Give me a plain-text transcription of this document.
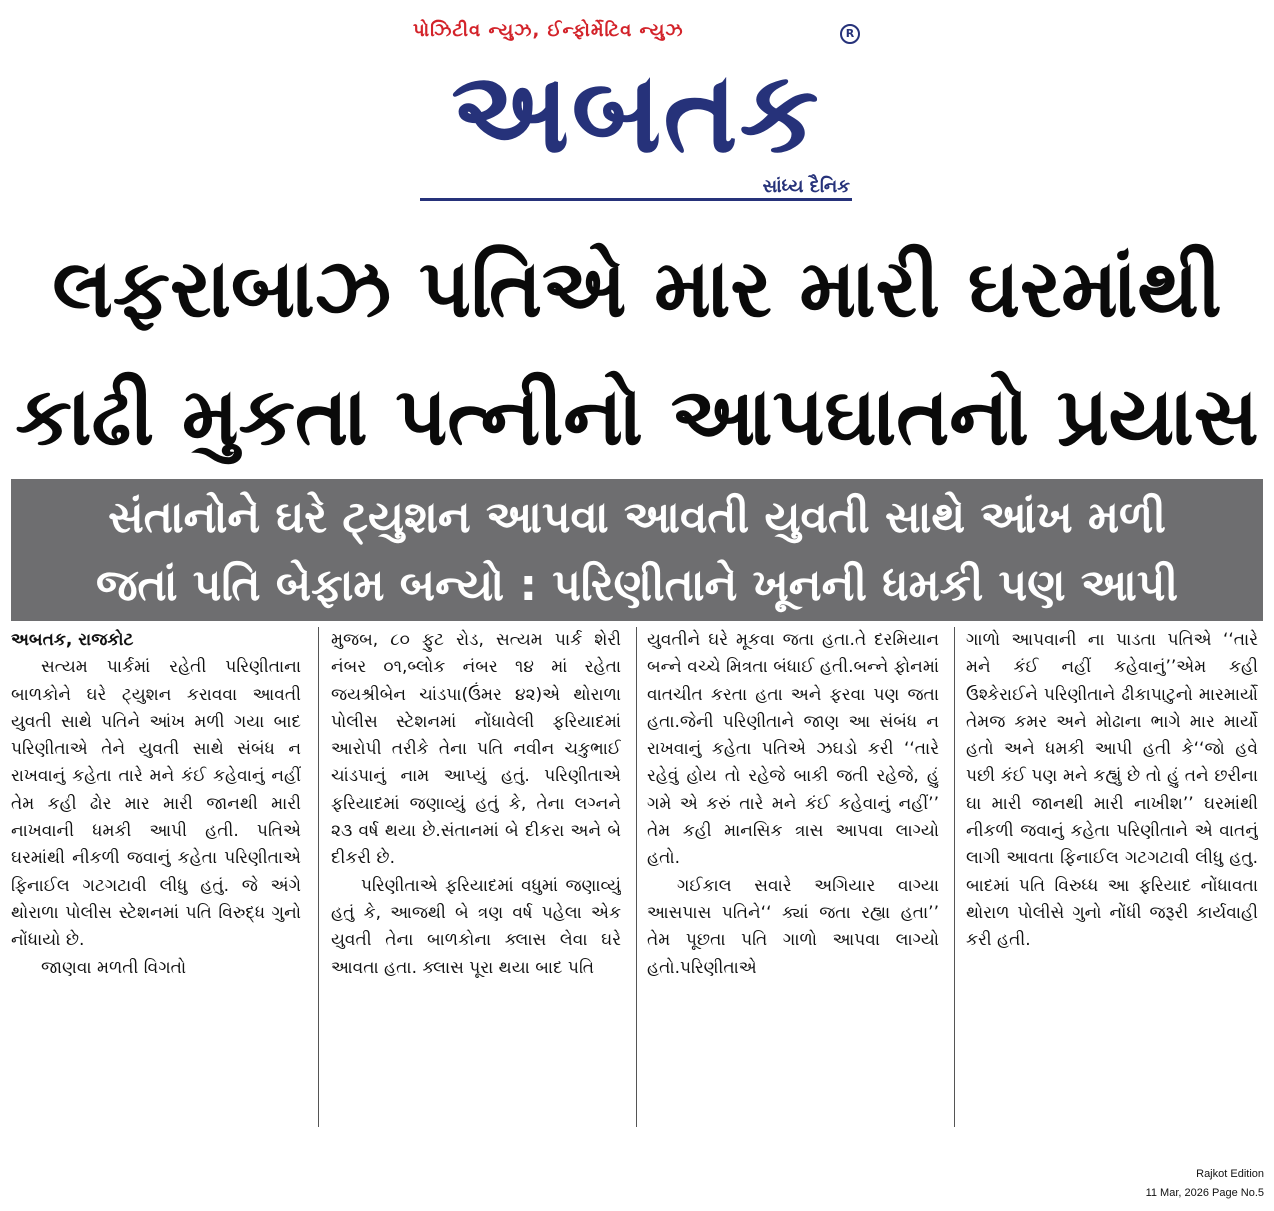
પોઝિટીવ ન્યુઝ, ઈન્ફોર્મેટિવ ન્યુઝ
અબતક
R
સાંધ્ય દૈનિક
લફરાબાઝ પતિએ માર મારી ઘરમાંથી
કાઢી મુકતા પત્નીનો આપઘાતનો પ્રયાસ
સંતાનોને ઘરે ટ્યુશન આપવા આવતી યુવતી સાથે આંખ મળી
જતાં પતિ બેફામ બન્યો : પરિણીતાને ખૂનની ધમકી પણ આપી

અબતક, રાજકોટ

સત્યમ પાર્કમાં રહેતી પરિણીતાના બાળકોને ઘરે ટ્યુશન કરાવવા આવતી યુવતી સાથે પતિને આંખ મળી ગયા બાદ પરિણીતાએ તેને યુવતી સાથે સંબંધ ન રાખવાનું કહેતા તારે મને કંઈ કહેવાનું નહીં તેમ કહી ઢોર માર મારી જાનથી મારી નાખવાની ધમકી આપી હતી. પતિએ ઘરમાંથી નીકળી જવાનું કહેતા પરિણીતાએ ફિનાઈલ ગટગટાવી લીધુ હતું. જે અંગે થોરાળા પોલીસ સ્ટેશનમાં પતિ વિરુદ્ધ ગુનો નોંધાયો છે.

જાણવા મળતી વિગતો

મુજબ, ૮૦ ફુટ રોડ, સત્યમ પાર્ક શેરી નંબર ૦૧,બ્લોક નંબર ૧૪ માં રહેતા જયશ્રીબેન ચાંડપા(ઉંમર ૪૨)એ થોરાળા પોલીસ સ્ટેશનમાં નોંધાવેલી ફરિયાદમાં આરોપી તરીકે તેના પતિ નવીન ચકુભાઈ ચાંડપાનું નામ આપ્યું હતું. પરિણીતાએ ફરિયાદમાં જણાવ્યું હતું કે, તેના લગ્નને ૨૩ વર્ષ થયા છે.સંતાનમાં બે દીકરા અને બે દીકરી છે.

પરિણીતાએ ફરિયાદમાં વધુમાં જણાવ્યું હતું કે, આજથી બે ત્રણ વર્ષ પહેલા એક યુવતી તેના બાળકોના ક્લાસ લેવા ઘરે આવતા હતા. ક્લાસ પૂરા થયા બાદ પતિ

યુવતીને ઘરે મૂકવા જતા હતા.તે દરમિયાન બન્ને વચ્ચે મિત્રતા બંધાઈ હતી.બન્ને ફોનમાં વાતચીત કરતા હતા અને ફરવા પણ જતા હતા.જેની પરિણીતાને જાણ આ સંબંધ ન રાખવાનું કહેતા પતિએ ઝઘડો કરી ‘‘તારે રહેવું હોય તો રહેજે બાકી જતી રહેજે, હું ગમે એ કરું તારે મને કંઈ કહેવાનું નહીં’’ તેમ કહી માનસિક ત્રાસ આપવા લાગ્યો હતો.

ગઈકાલ સવારે અગિયાર વાગ્યા આસપાસ પતિને‘‘ ક્યાં જતા રહ્યા હતા’’ તેમ પૂછતા પતિ ગાળો આપવા લાગ્યો હતો.પરિણીતાએ

ગાળો આપવાની ના પાડતા પતિએ ‘‘તારે મને કંઈ નહીં કહેવાનું’’એમ કહી ઉશ્કેરાઈને પરિણીતાને ઢીકાપાટુનો મારમાર્યો તેમજ કમર અને મોઢાના ભાગે માર માર્યો હતો અને ધમકી આપી હતી કે‘‘જો હવે પછી કંઈ પણ મને કહ્યું છે તો હું તને છરીના ઘા મારી જાનથી મારી નાખીશ’’ ઘરમાંથી નીકળી જવાનું કહેતા પરિણીતાને એ વાતનું લાગી આવતા ફિનાઈલ ગટગટાવી લીધુ હતુ. બાદમાં પતિ વિરુધ્ધ આ ફરિયાદ નોંધાવતા થોરાળ પોલીસે ગુનો નોંધી જરૂરી કાર્યવાહી કરી હતી.

Rajkot Edition
11 Mar, 2026 Page No.5
